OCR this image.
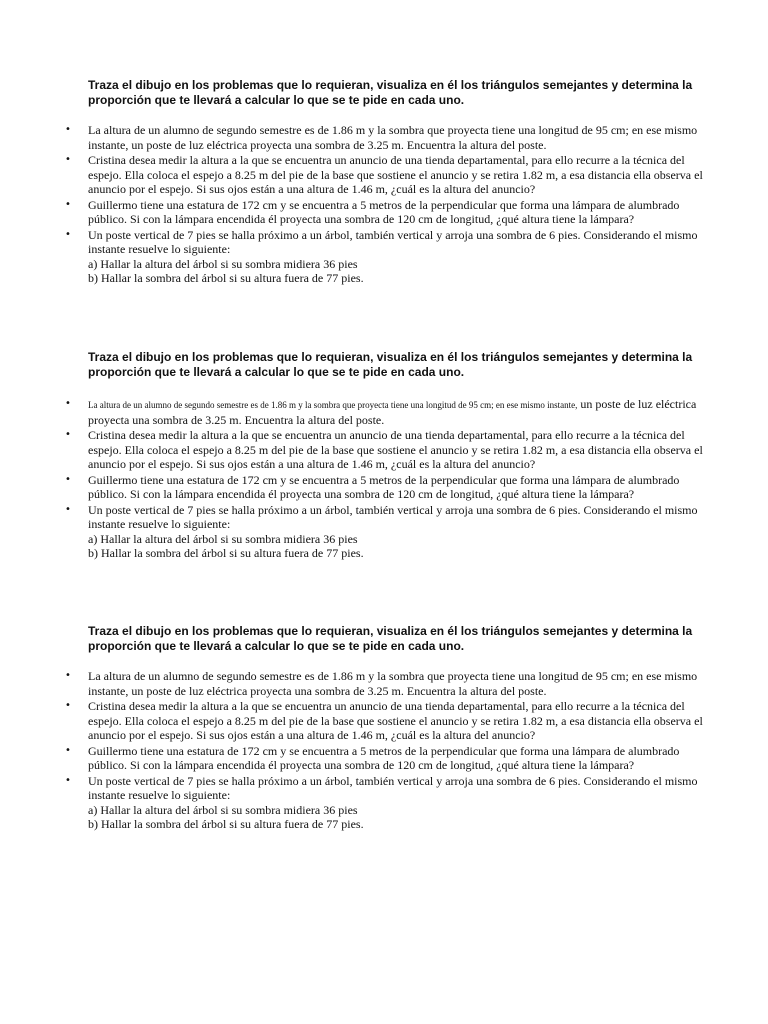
Traza el dibujo en los problemas que lo requieran, visualiza en él los triángulos semejantes y determina la proporción que te llevará a calcular lo que se te pide en cada uno.

• La altura de un alumno de segundo semestre es de 1.86 m y la sombra que proyecta tiene una longitud de 95 cm; en ese mismo instante, un poste de luz eléctrica proyecta una sombra de 3.25 m. Encuentra la altura del poste.
• Cristina desea medir la altura a la que se encuentra un anuncio de una tienda departamental, para ello recurre a la técnica del espejo. Ella coloca el espejo a 8.25 m del pie de la base que sostiene el anuncio y se retira 1.82 m, a esa distancia ella observa el anuncio por el espejo. Si sus ojos están a una altura de 1.46 m, ¿cuál es la altura del anuncio?
• Guillermo tiene una estatura de 172 cm y se encuentra a 5 metros de la perpendicular que forma una lámpara de alumbrado público. Si con la lámpara encendida él proyecta una sombra de 120 cm de longitud, ¿qué altura tiene la lámpara?
• Un poste vertical de 7 pies se halla próximo a un árbol, también vertical y arroja una sombra de 6 pies. Considerando el mismo instante resuelve lo siguiente:
a) Hallar la altura del árbol si su sombra midiera 36 pies
b) Hallar la sombra del árbol si su altura fuera de 77 pies.

Traza el dibujo en los problemas que lo requieran, visualiza en él los triángulos semejantes y determina la proporción que te llevará a calcular lo que se te pide en cada uno.

• La altura de un alumno de segundo semestre es de 1.86 m y la sombra que proyecta tiene una longitud de 95 cm; en ese mismo instante, un poste de luz eléctrica proyecta una sombra de 3.25 m. Encuentra la altura del poste.
• Cristina desea medir la altura a la que se encuentra un anuncio de una tienda departamental, para ello recurre a la técnica del espejo. Ella coloca el espejo a 8.25 m del pie de la base que sostiene el anuncio y se retira 1.82 m, a esa distancia ella observa el anuncio por el espejo. Si sus ojos están a una altura de 1.46 m, ¿cuál es la altura del anuncio?
• Guillermo tiene una estatura de 172 cm y se encuentra a 5 metros de la perpendicular que forma una lámpara de alumbrado público. Si con la lámpara encendida él proyecta una sombra de 120 cm de longitud, ¿qué altura tiene la lámpara?
• Un poste vertical de 7 pies se halla próximo a un árbol, también vertical y arroja una sombra de 6 pies. Considerando el mismo instante resuelve lo siguiente:
a) Hallar la altura del árbol si su sombra midiera 36 pies
b) Hallar la sombra del árbol si su altura fuera de 77 pies.

Traza el dibujo en los problemas que lo requieran, visualiza en él los triángulos semejantes y determina la proporción que te llevará a calcular lo que se te pide en cada uno.

• La altura de un alumno de segundo semestre es de 1.86 m y la sombra que proyecta tiene una longitud de 95 cm; en ese mismo instante, un poste de luz eléctrica proyecta una sombra de 3.25 m. Encuentra la altura del poste.
• Cristina desea medir la altura a la que se encuentra un anuncio de una tienda departamental, para ello recurre a la técnica del espejo. Ella coloca el espejo a 8.25 m del pie de la base que sostiene el anuncio y se retira 1.82 m, a esa distancia ella observa el anuncio por el espejo. Si sus ojos están a una altura de 1.46 m, ¿cuál es la altura del anuncio?
• Guillermo tiene una estatura de 172 cm y se encuentra a 5 metros de la perpendicular que forma una lámpara de alumbrado público. Si con la lámpara encendida él proyecta una sombra de 120 cm de longitud, ¿qué altura tiene la lámpara?
• Un poste vertical de 7 pies se halla próximo a un árbol, también vertical y arroja una sombra de 6 pies. Considerando el mismo instante resuelve lo siguiente:
a) Hallar la altura del árbol si su sombra midiera 36 pies
b) Hallar la sombra del árbol si su altura fuera de 77 pies.
